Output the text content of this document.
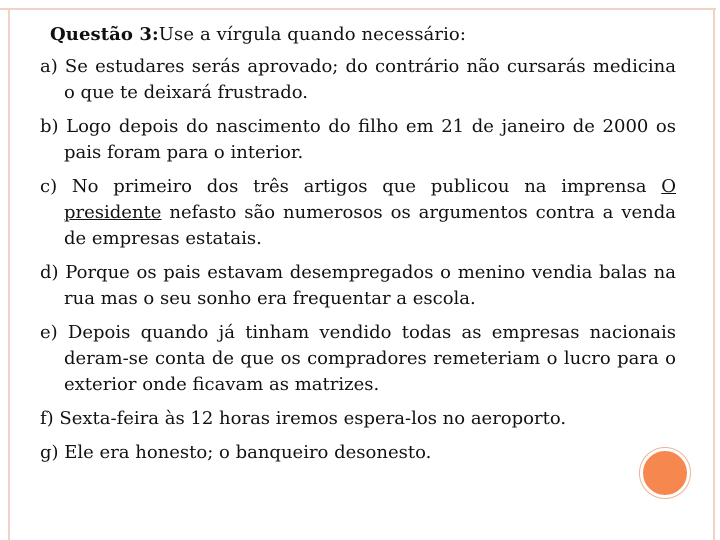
Questão 3:Use a vírgula quando necessário:

a) Se estudares serás aprovado; do contrário não cursarás medicina o que te deixará frustrado.

b) Logo depois do nascimento do filho em 21 de janeiro de 2000 os pais foram para o interior.

c) No primeiro dos três artigos que publicou na imprensa O presidente nefasto são numerosos os argumentos contra a venda de empresas estatais.

d) Porque os pais estavam desempregados o menino vendia balas na rua mas o seu sonho era frequentar a escola.

e) Depois quando já tinham vendido todas as empresas nacionais deram-se conta de que os compradores remeteriam o lucro para o exterior onde ficavam as matrizes.

f) Sexta-feira às 12 horas iremos espera-los no aeroporto.

g) Ele era honesto; o banqueiro desonesto.
